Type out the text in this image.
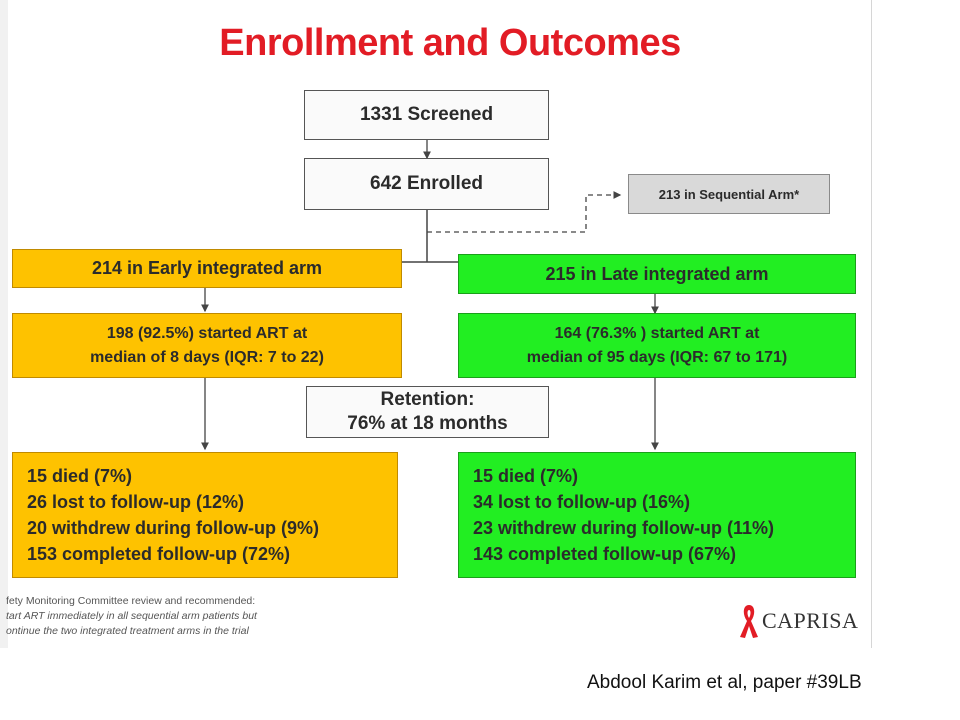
Enrollment and Outcomes
1331 Screened
642 Enrolled	213 in Sequential Arm*
214 in Early integrated arm	215 in Late integrated arm
198 (92.5%) started ART at
median of 8 days (IQR: 7 to 22)
164 (76.3% ) started ART at
median of 95 days (IQR: 67 to 171)
Retention:
76% at 18 months
15 died (7%)
26 lost to follow-up (12%)
20 withdrew during follow-up (9%)
153 completed follow-up (72%)
15 died (7%)
34 lost to follow-up (16%)
23 withdrew during follow-up (11%)
143 completed follow-up (67%)
fety Monitoring Committee review and recommended:
tart ART immediately in all sequential arm patients but
ontinue the two integrated treatment arms in the trial	CAPRISA
Abdool Karim et al, paper #39LB
